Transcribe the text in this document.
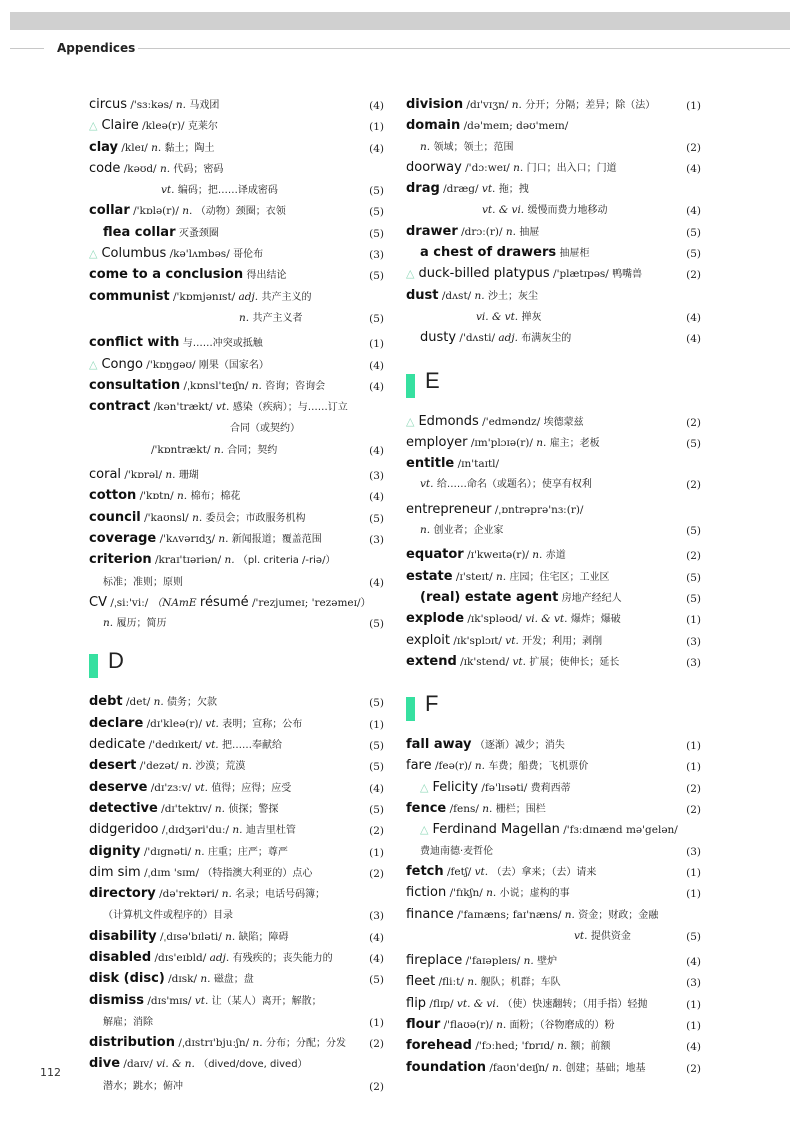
Appendices
circus /'sɜːkəs/ n. 马戏团	(4)
△ Claire /kleə(r)/ 克莱尔	(1)
clay /kleɪ/ n. 黏土；陶土	(4)
code /kəʊd/ n. 代码；密码
vt. 编码；把……译成密码	(5)
collar /'kɒlə(r)/ n. （动物）颈圈；衣领	(5)
flea collar 灭蚤颈圈	(5)
△ Columbus /kə'lʌmbəs/ 哥伦布	(3)
come to a conclusion 得出结论	(5)
communist /'kɒmjənɪst/ adj. 共产主义的
n. 共产主义者	(5)
conflict with 与……冲突或抵触	(1)
△ Congo /'kɒŋgəʊ/ 刚果（国家名）	(4)
consultation /ˌkɒnsl'teɪʃn/ n. 咨询；咨询会	(4)
contract /kən'trækt/ vt. 感染（疾病）；与……订立
合同（或契约）
/'kɒntrækt/ n. 合同；契约	(4)
coral /'kɒrəl/ n. 珊瑚	(3)
cotton /'kɒtn/ n. 棉布；棉花	(4)
council /'kaʊnsl/ n. 委员会；市政服务机构	(5)
coverage /'kʌvərɪdʒ/ n. 新闻报道；覆盖范围	(3)
criterion /kraɪ'tɪəriən/ n. （pl. criteria /-riə/）
标准；准则；原则	(4)
CV /ˌsiː'viː/ （NAmE résumé /'rezjumeɪ; 'rezəmeɪ/）
n. 履历；简历	(5)
D
debt /det/ n. 债务；欠款	(5)
declare /dɪ'kleə(r)/ vt. 表明；宣称；公布	(1)
dedicate /'dedɪkeɪt/ vt. 把……奉献给	(5)
desert /'dezət/ n. 沙漠；荒漠	(5)
deserve /dɪ'zɜːv/ vt. 值得；应得；应受	(4)
detective /dɪ'tektɪv/ n. 侦探；警探	(5)
didgeridoo /ˌdɪdʒəri'duː/ n. 迪吉里杜管	(2)
dignity /'dɪgnəti/ n. 庄重；庄严；尊严	(1)
dim sim /ˌdɪm 'sɪm/ （特指澳大利亚的）点心	(2)
directory /də'rektəri/ n. 名录；电话号码簿；
（计算机文件或程序的）目录	(3)
disability /ˌdɪsə'bɪləti/ n. 缺陷；障碍	(4)
disabled /dɪs'eɪbld/ adj. 有残疾的；丧失能力的	(4)
disk (disc) /dɪsk/ n. 磁盘；盘	(5)
dismiss /dɪs'mɪs/ vt. 让（某人）离开；解散；
解雇；消除	(1)
distribution /ˌdɪstrɪ'bjuːʃn/ n. 分布；分配；分发 (2)
dive /daɪv/ vi. & n. （dived/dove, dived）
潜水；跳水；俯冲	(2)
division /dɪ'vɪʒn/ n. 分开；分隔；差异；除（法）	(1)
domain /də'meɪn; dəʊ'meɪn/
n. 领域；领土；范围	(2)
doorway /'dɔːweɪ/ n. 门口；出入口；门道	(4)
drag /dræg/ vt. 拖；拽
vt. & vi. 缓慢而费力地移动	(4)
drawer /drɔː(r)/ n. 抽屉	(5)
a chest of drawers 抽屉柜	(5)
△ duck-billed platypus /'plætɪpəs/ 鸭嘴兽	(2)
dust /dʌst/ n. 沙土；灰尘
vi. & vt. 掸灰	(4)
dusty /'dʌsti/ adj. 布满灰尘的	(4)
E
△ Edmonds /'edməndz/ 埃德蒙兹	(2)
employer /ɪm'plɔɪə(r)/ n. 雇主；老板	(5)
entitle /ɪn'taɪtl/
vt. 给……命名（或题名）；使享有权利	(2)
entrepreneur /ˌɒntrəprə'nɜː(r)/
n. 创业者；企业家	(5)
equator /ɪ'kweɪtə(r)/ n. 赤道	(2)
estate /ɪ'steɪt/ n. 庄园；住宅区；工业区	(5)
(real) estate agent 房地产经纪人	(5)
explode /ɪk'spləʊd/ vi. & vt. 爆炸；爆破	(1)
exploit /ɪk'splɔɪt/ vt. 开发；利用；剥削	(3)
extend /ɪk'stend/ vt. 扩展；使伸长；延长	(3)
F
fall away （逐渐）减少；消失	(1)
fare /feə(r)/ n. 车费；船费；飞机票价	(1)
△ Felicity /fə'lɪsəti/ 费莉西蒂	(2)
fence /fens/ n. 栅栏；围栏	(2)
△ Ferdinand Magellan /'fɜːdɪnænd mə'gelən/
费迪南德·麦哲伦	(3)
fetch /fetʃ/ vt. （去）拿来；（去）请来	(1)
fiction /'fɪkʃn/ n. 小说；虚构的事	(1)
finance /'faɪnæns; faɪ'næns/ n. 资金；财政；金融
vt. 提供资金	(5)
fireplace /'faɪəpleɪs/ n. 壁炉	(4)
fleet /fliːt/ n. 舰队；机群；车队	(3)
flip /flɪp/ vt. & vi. （使）快速翻转；（用手指）轻抛	(1)
flour /'flaʊə(r)/ n. 面粉；（谷物磨成的）粉	(1)
forehead /'fɔːhed; 'fɒrɪd/ n. 额；前额	(4)
foundation /faʊn'deɪʃn/ n. 创建；基础；地基	(2)
112
